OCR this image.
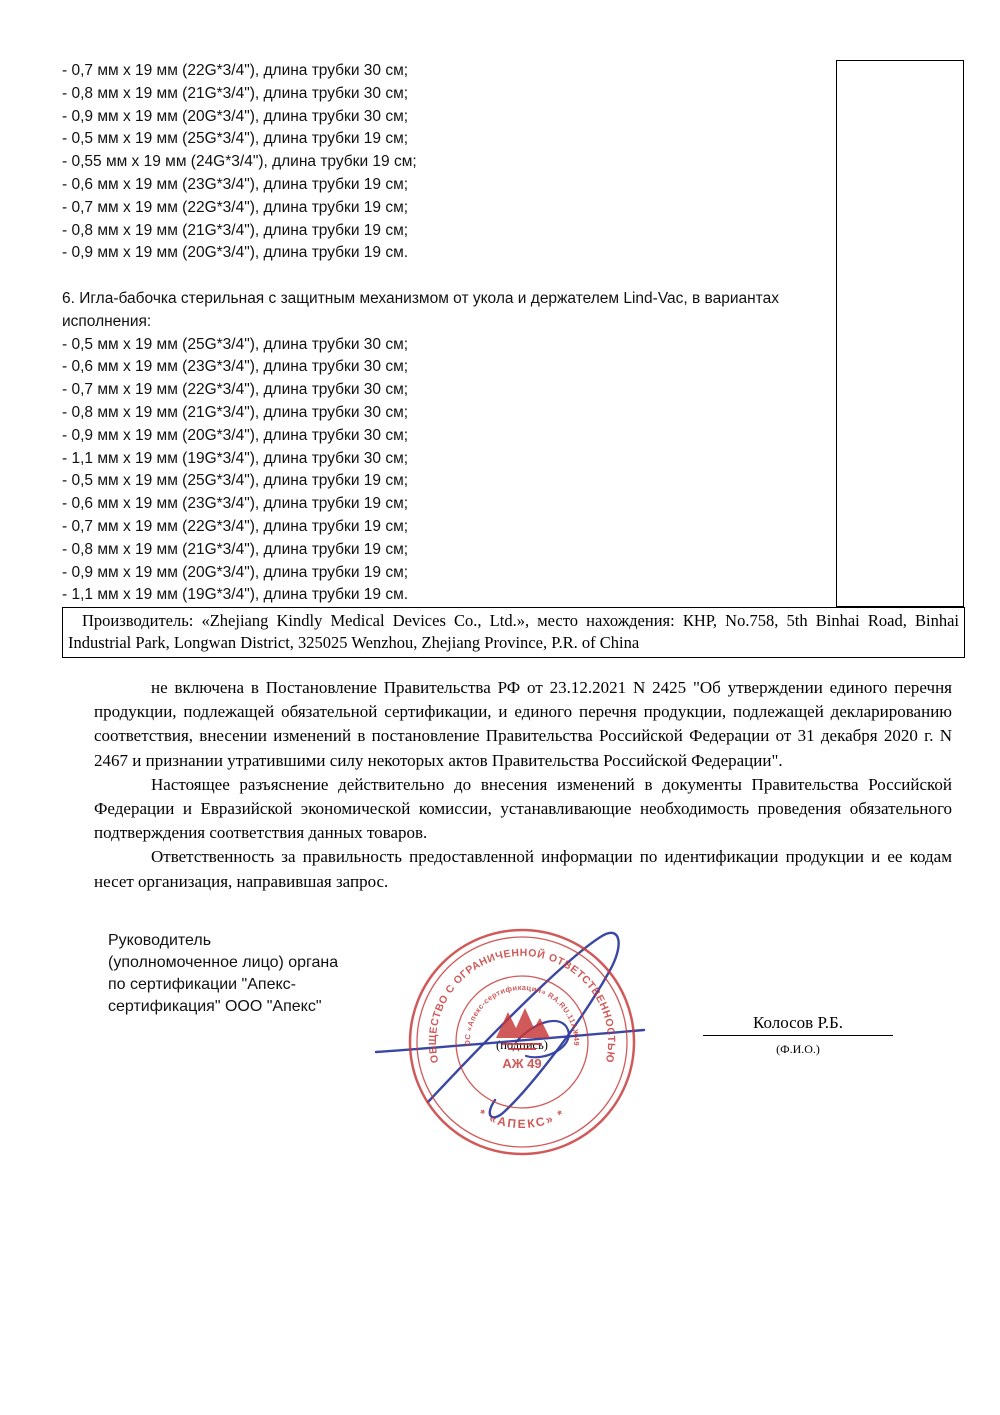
- 0,7 мм х 19 мм (22G*3/4"), длина трубки 30 см;
- 0,8 мм х 19 мм (21G*3/4"), длина трубки 30 см;
- 0,9 мм х 19 мм (20G*3/4"), длина трубки 30 см;
- 0,5 мм х 19 мм (25G*3/4"), длина трубки 19 см;
- 0,55 мм х 19 мм (24G*3/4"), длина трубки 19 см;
- 0,6 мм х 19 мм (23G*3/4"), длина трубки 19 см;
- 0,7 мм х 19 мм (22G*3/4"), длина трубки 19 см;
- 0,8 мм х 19 мм (21G*3/4"), длина трубки 19 см;
- 0,9 мм х 19 мм (20G*3/4"), длина трубки 19 см.
6. Игла-бабочка стерильная с защитным механизмом от укола и держателем Lind-Vac, в вариантах исполнения:
- 0,5 мм х 19 мм (25G*3/4"), длина трубки 30 см;
- 0,6 мм х 19 мм (23G*3/4"), длина трубки 30 см;
- 0,7 мм х 19 мм (22G*3/4"), длина трубки 30 см;
- 0,8 мм х 19 мм (21G*3/4"), длина трубки 30 см;
- 0,9 мм х 19 мм (20G*3/4"), длина трубки 30 см;
- 1,1 мм х 19 мм (19G*3/4"), длина трубки 30 см;
- 0,5 мм х 19 мм (25G*3/4"), длина трубки 19 см;
- 0,6 мм х 19 мм (23G*3/4"), длина трубки 19 см;
- 0,7 мм х 19 мм (22G*3/4"), длина трубки 19 см;
- 0,8 мм х 19 мм (21G*3/4"), длина трубки 19 см;
- 0,9 мм х 19 мм (20G*3/4"), длина трубки 19 см;
- 1,1 мм х 19 мм (19G*3/4"), длина трубки 19 см.
Производитель: «Zhejiang Kindly Medical Devices Co., Ltd.», место нахождения: КНР, No.758, 5th Binhai Road, Binhai Industrial Park, Longwan District, 325025 Wenzhou, Zhejiang Province, P.R. of China

не включена в Постановление Правительства РФ от 23.12.2021 N 2425 "Об утверждении единого перечня продукции, подлежащей обязательной сертификации, и единого перечня продукции, подлежащей декларированию соответствия, внесении изменений в постановление Правительства Российской Федерации от 31 декабря 2020 г. N 2467 и признании утратившими силу некоторых актов Правительства Российской Федерации".

Настоящее разъяснение действительно до внесения изменений в документы Правительства Российской Федерации и Евразийской экономической комиссии, устанавливающие необходимость проведения обязательного подтверждения соответствия данных товаров.

Ответственность за правильность предоставленной информации по идентификации продукции и ее кодам несет организация, направившая запрос.

Руководитель
(уполномоченное лицо) органа
по сертификации "Апекс-
сертификация" ООО "Апекс"
(подпись)
Колосов Р.Б.
(Ф.И.О.)
ОБЩЕСТВО С ОГРАНИЧЕННОЙ ОТВЕТСТВЕННОСТЬЮ
* «АПЕКС» *
ОС «Апекс-сертификация» RA.RU.11АЖ49
АЖ 49
